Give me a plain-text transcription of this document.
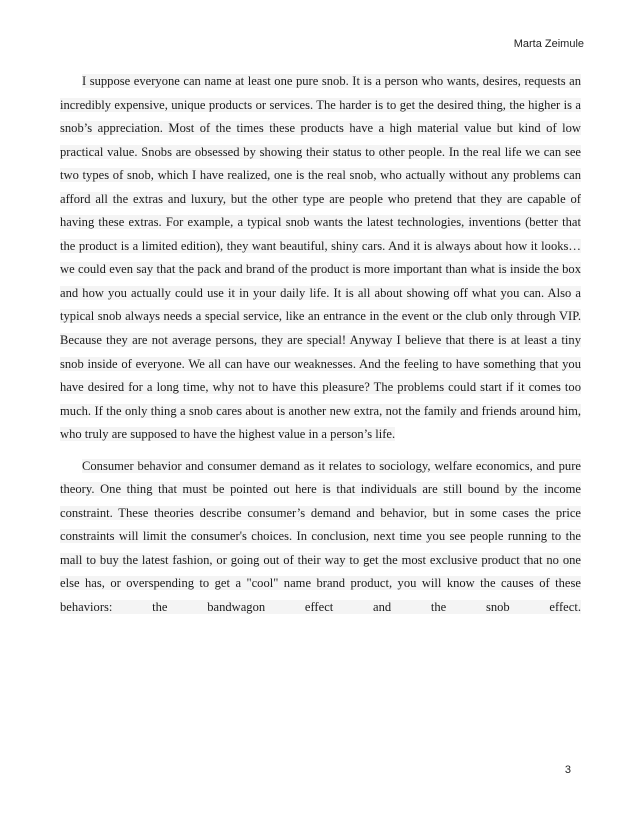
Marta Zeimule

I suppose everyone can name at least one pure snob. It is a person who wants, desires, requests an incredibly expensive, unique products or services. The harder is to get the desired thing, the higher is a snob’s appreciation. Most of the times these products have a high material value but kind of low practical value. Snobs are obsessed by showing their status to other people. In the real life we can see two types of snob, which I have realized, one is the real snob, who actually without any problems can afford all the extras and luxury, but the other type are people who pretend that they are capable of having these extras. For example, a typical snob wants the latest technologies, inventions (better that the product is a limited edition), they want beautiful, shiny cars. And it is always about how it looks… we could even say that the pack and brand of the product is more important than what is inside the box and how you actually could use it in your daily life. It is all about showing off what you can. Also a typical snob always needs a special service, like an entrance in the event or the club only through VIP. Because they are not average persons, they are special! Anyway I believe that there is at least a tiny snob inside of everyone. We all can have our weaknesses. And the feeling to have something that you have desired for a long time, why not to have this pleasure? The problems could start if it comes too much. If the only thing a snob cares about is another new extra, not the family and friends around him, who truly are supposed to have the highest value in a person’s life.

Consumer behavior and consumer demand as it relates to sociology, welfare economics, and pure theory. One thing that must be pointed out here is that individuals are still bound by the income constraint. These theories describe consumer’s demand and behavior, but in some cases the price constraints will limit the consumer's choices. In conclusion, next time you see people running to the mall to buy the latest fashion, or going out of their way to get the most exclusive product that no one else has, or overspending to get a "cool" name brand product, you will know the causes of these behaviors: the bandwagon effect and the snob effect.

3
